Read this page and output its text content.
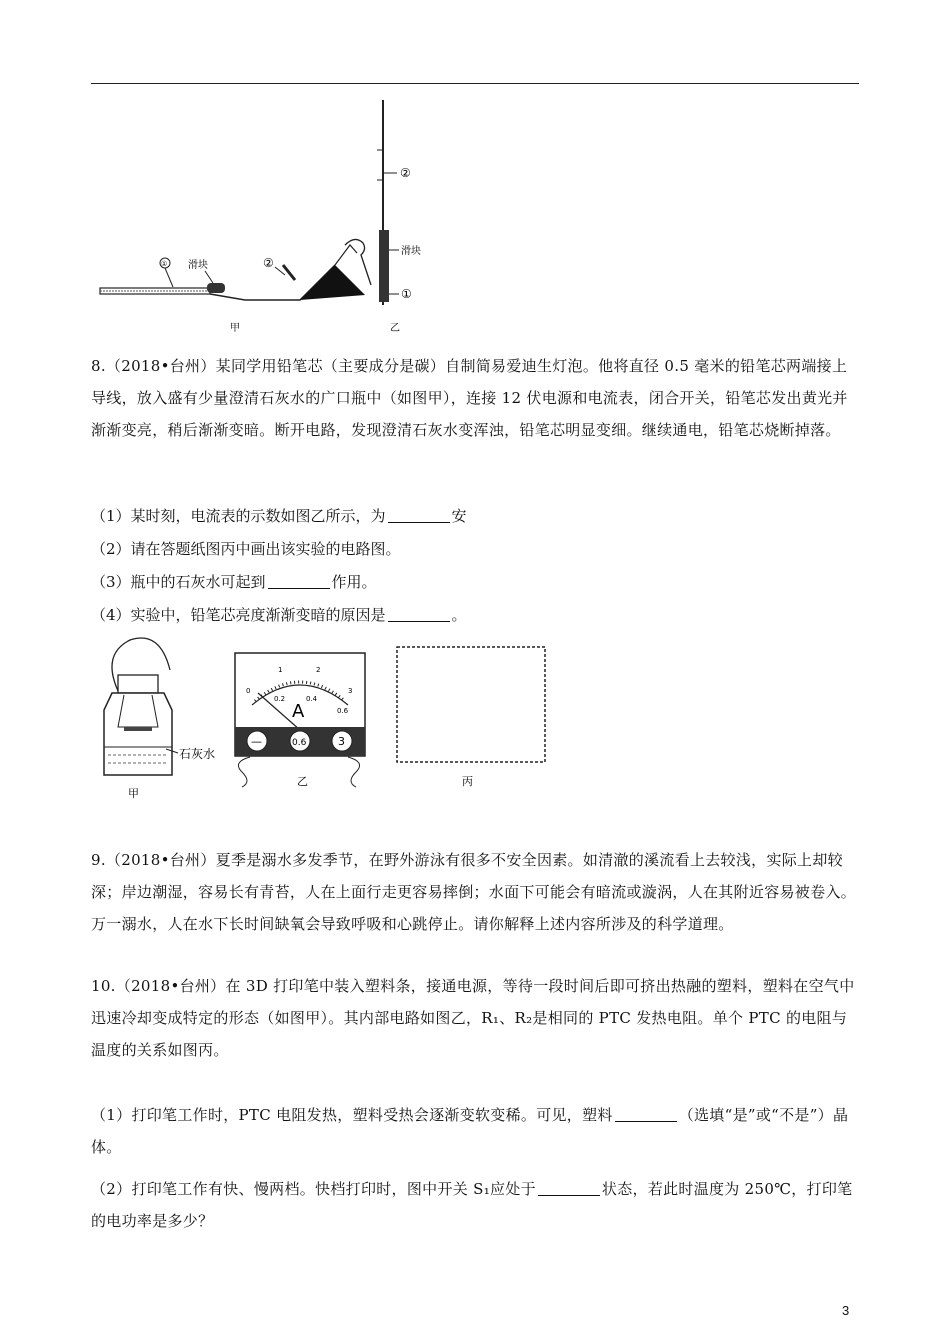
① 滑块	②
甲
②
滑块
①
乙
8.（2018•台州）某同学用铅笔芯（主要成分是碳）自制简易爱迪生灯泡。他将直径 0.5 毫米的铅笔芯两端接上导线，放入盛有少量澄清石灰水的广口瓶中（如图甲），连接 12 伏电源和电流表，闭合开关，铅笔芯发出黄光并渐渐变亮，稍后渐渐变暗。断开电路，发现澄清石灰水变浑浊，铅笔芯明显变细。继续通电，铅笔芯烧断掉落。
（1）某时刻，电流表的示数如图乙所示，为	安
（2）请在答题纸图丙中画出该实验的电路图。
（3）瓶中的石灰水可起到	作用。
（4）实验中，铅笔芯亮度渐渐变暗的原因是	。
石灰水
甲
A
0
1	2
3
0.2	0.4
0.6
—	0.6	3
乙	丙
9.（2018•台州）夏季是溺水多发季节，在野外游泳有很多不安全因素。如清澈的溪流看上去较浅，实际上却较深；岸边潮湿，容易长有青苔，人在上面行走更容易摔倒；水面下可能会有暗流或漩涡，人在其附近容易被卷入。万一溺水，人在水下长时间缺氧会导致呼吸和心跳停止。请你解释上述内容所涉及的科学道理。
10.（2018•台州）在 3D 打印笔中装入塑料条，接通电源，等待一段时间后即可挤出热融的塑料，塑料在空气中迅速冷却变成特定的形态（如图甲）。其内部电路如图乙，R₁、R₂是相同的 PTC 发热电阻。单个 PTC 的电阻与温度的关系如图丙。
（1）打印笔工作时，PTC 电阻发热，塑料受热会逐渐变软变稀。可见，塑料	（选填“是”或“不是”）晶体。
（2）打印笔工作有快、慢两档。快档打印时，图中开关 S₁应处于	状态，若此时温度为 250℃，打印笔的电功率是多少？
3
